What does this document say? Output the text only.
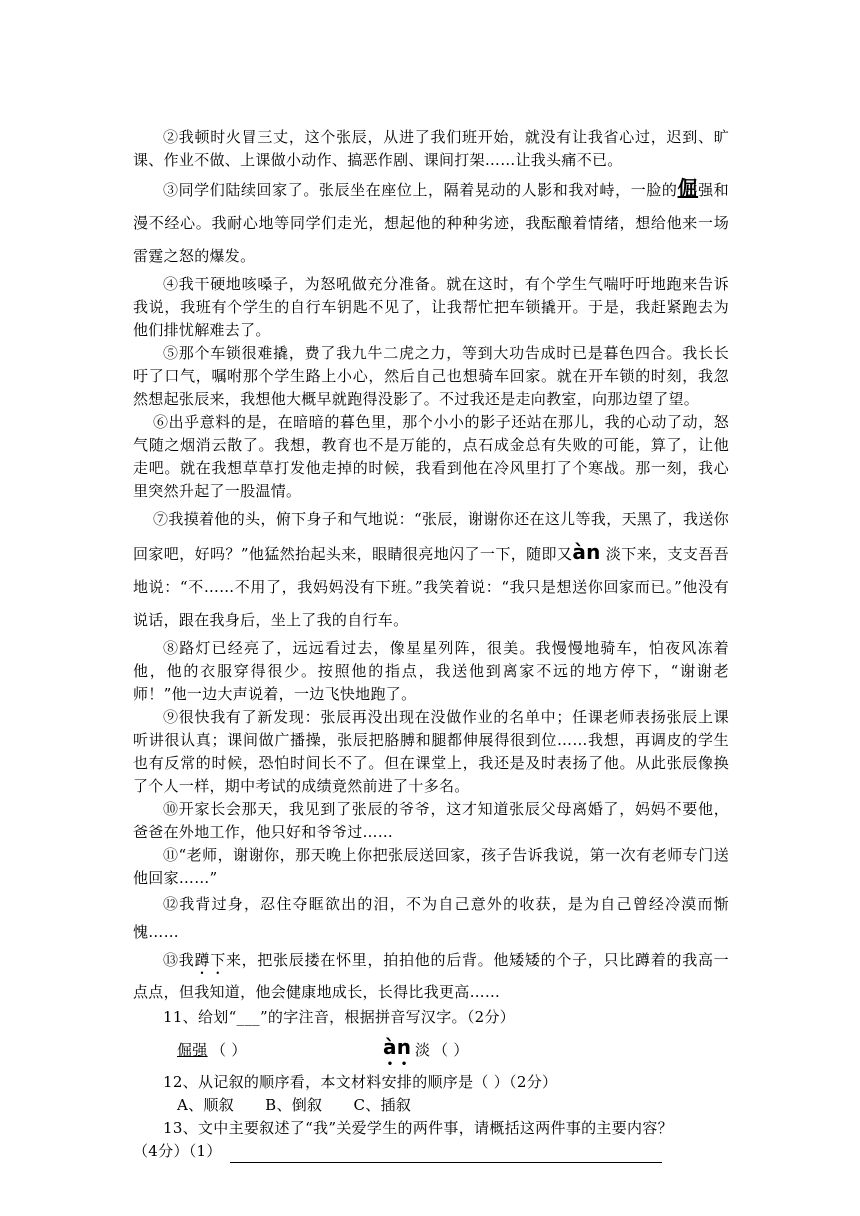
②我顿时火冒三丈，这个张辰，从进了我们班开始，就没有让我省心过，迟到、旷课、作业不做、上课做小动作、搞恶作剧、课间打架……让我头痛不已。

③同学们陆续回家了。张辰坐在座位上，隔着晃动的人影和我对峙，一脸的倔强和漫不经心。我耐心地等同学们走光，想起他的种种劣迹，我酝酿着情绪，想给他来一场雷霆之怒的爆发。

④我干硬地咳嗓子，为怒吼做充分准备。就在这时，有个学生气喘吁吁地跑来告诉我说，我班有个学生的自行车钥匙不见了，让我帮忙把车锁撬开。于是，我赶紧跑去为他们排忧解难去了。

⑤那个车锁很难撬，费了我九牛二虎之力，等到大功告成时已是暮色四合。我长长吁了口气，嘱咐那个学生路上小心，然后自己也想骑车回家。就在开车锁的时刻，我忽然想起张辰来，我想他大概早就跑得没影了。不过我还是走向教室，向那边望了望。

⑥出乎意料的是，在暗暗的暮色里，那个小小的影子还站在那儿，我的心动了动，怒气随之烟消云散了。我想，教育也不是万能的，点石成金总有失败的可能，算了，让他走吧。就在我想草草打发他走掉的时候，我看到他在冷风里打了个寒战。那一刻，我心里突然升起了一股温情。

⑦我摸着他的头，俯下身子和气地说：“张辰，谢谢你还在这儿等我，天黑了，我送你回家吧，好吗？”他猛然抬起头来，眼睛很亮地闪了一下，随即又àn 淡下来，支支吾吾地说：“不……不用了，我妈妈没有下班。”我笑着说：“我只是想送你回家而已。”他没有说话，跟在我身后，坐上了我的自行车。

⑧路灯已经亮了，远远看过去，像星星列阵，很美。我慢慢地骑车，怕夜风冻着他，他的衣服穿得很少。按照他的指点，我送他到离家不远的地方停下，“谢谢老师！”他一边大声说着，一边飞快地跑了。

⑨很快我有了新发现：张辰再没出现在没做作业的名单中；任课老师表扬张辰上课听讲很认真；课间做广播操，张辰把胳膊和腿都伸展得很到位……我想，再调皮的学生也有反常的时候，恐怕时间长不了。但在课堂上，我还是及时表扬了他。从此张辰像换了个人一样，期中考试的成绩竟然前进了十多名。

⑩开家长会那天，我见到了张辰的爷爷，这才知道张辰父母离婚了，妈妈不要他，爸爸在外地工作，他只好和爷爷过……

⑪“老师，谢谢你，那天晚上你把张辰送回家，孩子告诉我说，第一次有老师专门送他回家……”

⑫我背过身，忍住夺眶欲出的泪，不为自己意外的收获，是为自己曾经冷漠而惭愧……

⑬我蹲下来，把张辰搂在怀里，拍拍他的后背。他矮矮的个子，只比蹲着的我高一点点，但我知道，他会健康地成长，长得比我更高……

11、给划“___”的字注音，根据拼音写汉字。（2分）

倔强 （ ）	àn 淡 （ ）

12、从记叙的顺序看，本文材料安排的顺序是（ ）（2分）

A、顺叙 B、倒叙 C、插叙

13、文中主要叙述了“我”关爱学生的两件事，请概括这两件事的主要内容？

（4分）（1）
